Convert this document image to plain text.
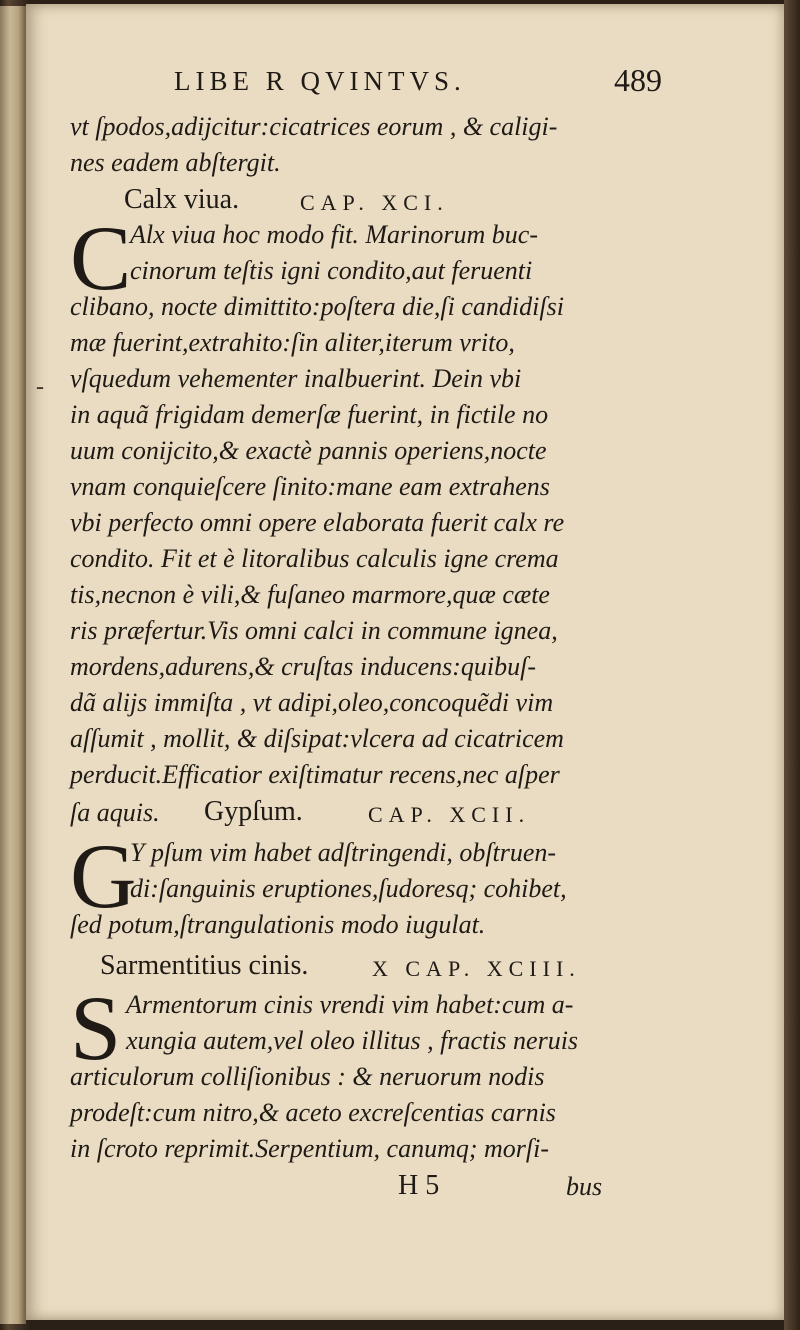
LIBE R QVINTVS.	489
vt ſpodos,adijcitur:cicatrices eorum , & caligi-
nes eadem abſtergit.
Calx viua.	CAP. XCI.
C
Alx viua hoc modo fit. Marinorum buc-
cinorum teſtis igni condito,aut feruenti
clibano, nocte dimittito:poſtera die,ſi candidiſsi
mæ fuerint,extrahito:ſin aliter,iterum vrito,
vſquedum vehementer inalbuerint. Dein vbi
in aquã frigidam demerſæ fuerint, in fictile no
uum conijcito,& exactè pannis operiens,nocte
vnam conquieſcere ſinito:mane eam extrahens
vbi perfecto omni opere elaborata fuerit calx re
condito. Fit et è litoralibus calculis igne crema
tis,necnon è vili,& fuſaneo marmore,quæ cæte
ris præfertur.Vis omni calci in commune ignea,
mordens,adurens,& cruſtas inducens:quibuſ-
dã alijs immiſta , vt adipi,oleo,concoquẽdi vim
aſſumit , mollit, & diſsipat:vlcera ad cicatricem
perducit.Efficatior exiſtimatur recens,nec aſper
ſa aquis. Gypſum.	CAP. XCII.
G
Y pſum vim habet adſtringendi, obſtruen-
di:ſanguinis eruptiones,ſudoresq; cohibet,
ſed potum,ſtrangulationis modo iugulat.
Sarmentitius cinis.	X CAP. XCIII.
S Armentorum cinis vrendi vim habet:cum a-
xungia autem,vel oleo illitus , fractis neruis
articulorum colliſionibus : & neruorum nodis
prodeſt:cum nitro,& aceto excreſcentias carnis
in ſcroto reprimit.Serpentium, canumq; morſi-
H 5	bus
-
